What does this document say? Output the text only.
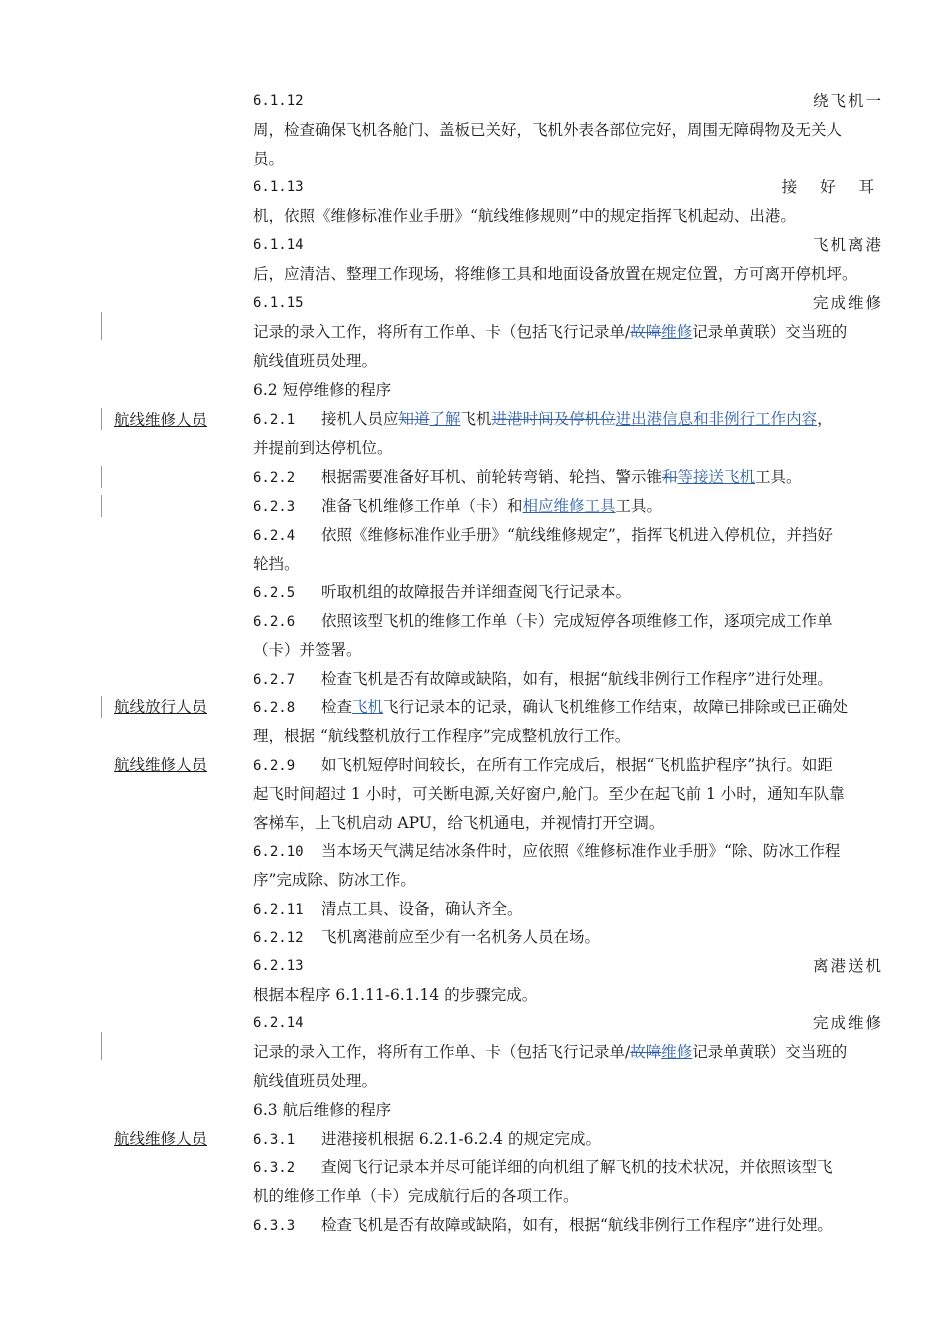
航线维修人员
航线放行人员
航线维修人员
航线维修人员
6.1.12	绕飞机一
周，检查确保飞机各舱门、盖板已关好，飞机外表各部位完好，周围无障碍物及无关人
员。
6.1.13	接 好 耳
机，依照《维修标准作业手册》“航线维修规则”中的规定指挥飞机起动、出港。
6.1.14	飞机离港
后，应清洁、整理工作现场，将维修工具和地面设备放置在规定位置，方可离开停机坪。
6.1.15	完成维修
记录的录入工作，将所有工作单、卡（包括飞行记录单/故障维修记录单黄联）交当班的
航线值班员处理。
6.2 短停维修的程序
6.2.1 接机人员应知道了解飞机进港时间及停机位进出港信息和非例行工作内容，
并提前到达停机位。
6.2.2 根据需要准备好耳机、前轮转弯销、轮挡、警示锥和等接送飞机工具。
6.2.3 准备飞机维修工作单（卡）和相应维修工具工具。
6.2.4 依照《维修标准作业手册》“航线维修规定”，指挥飞机进入停机位，并挡好
轮挡。
6.2.5 听取机组的故障报告并详细查阅飞行记录本。
6.2.6 依照该型飞机的维修工作单（卡）完成短停各项维修工作，逐项完成工作单
（卡）并签署。
6.2.7 检查飞机是否有故障或缺陷，如有，根据“航线非例行工作程序”进行处理。
6.2.8 检查飞机飞行记录本的记录，确认飞机维修工作结束，故障已排除或已正确处
理，根据 “航线整机放行工作程序”完成整机放行工作。
6.2.9 如飞机短停时间较长，在所有工作完成后，根据“飞机监护程序”执行。如距
起飞时间超过 1 小时，可关断电源,关好窗户,舱门。至少在起飞前 1 小时，通知车队靠
客梯车，上飞机启动 APU，给飞机通电，并视情打开空调。
6.2.10 当本场天气满足结冰条件时，应依照《维修标准作业手册》“除、防冰工作程
序”完成除、防冰工作。
6.2.11 清点工具、设备，确认齐全。
6.2.12 飞机离港前应至少有一名机务人员在场。
6.2.13	离港送机
根据本程序 6.1.11-6.1.14 的步骤完成。
6.2.14	完成维修
记录的录入工作，将所有工作单、卡（包括飞行记录单/故障维修记录单黄联）交当班的
航线值班员处理。
6.3 航后维修的程序
6.3.1 进港接机根据 6.2.1-6.2.4 的规定完成。
6.3.2 查阅飞行记录本并尽可能详细的向机组了解飞机的技术状况，并依照该型飞
机的维修工作单（卡）完成航行后的各项工作。
6.3.3 检查飞机是否有故障或缺陷，如有，根据“航线非例行工作程序”进行处理。
